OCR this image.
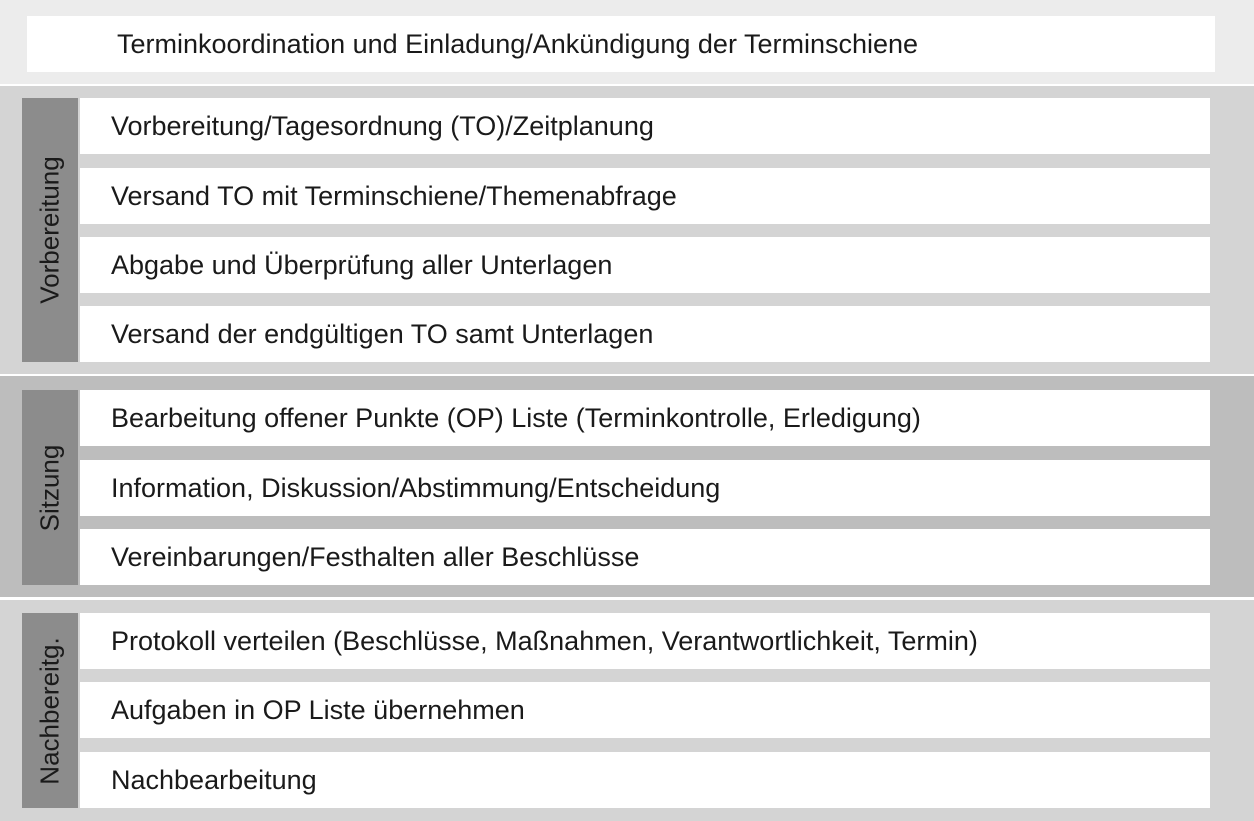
Terminkoordination und Einladung/Ankündigung der Terminschiene
Vorbereitung
Vorbereitung/Tagesordnung (TO)/Zeitplanung
Versand TO mit Terminschiene/Themenabfrage
Abgabe und Überprüfung aller Unterlagen
Versand der endgültigen TO samt Unterlagen
Sitzung
Bearbeitung offener Punkte (OP) Liste (Terminkontrolle, Erledigung)
Information, Diskussion/Abstimmung/Entscheidung
Vereinbarungen/Festhalten aller Beschlüsse
Nachbereitg.	Protokoll verteilen (Beschlüsse, Maßnahmen, Verantwortlichkeit, Termin)
Aufgaben in OP Liste übernehmen
Nachbearbeitung
